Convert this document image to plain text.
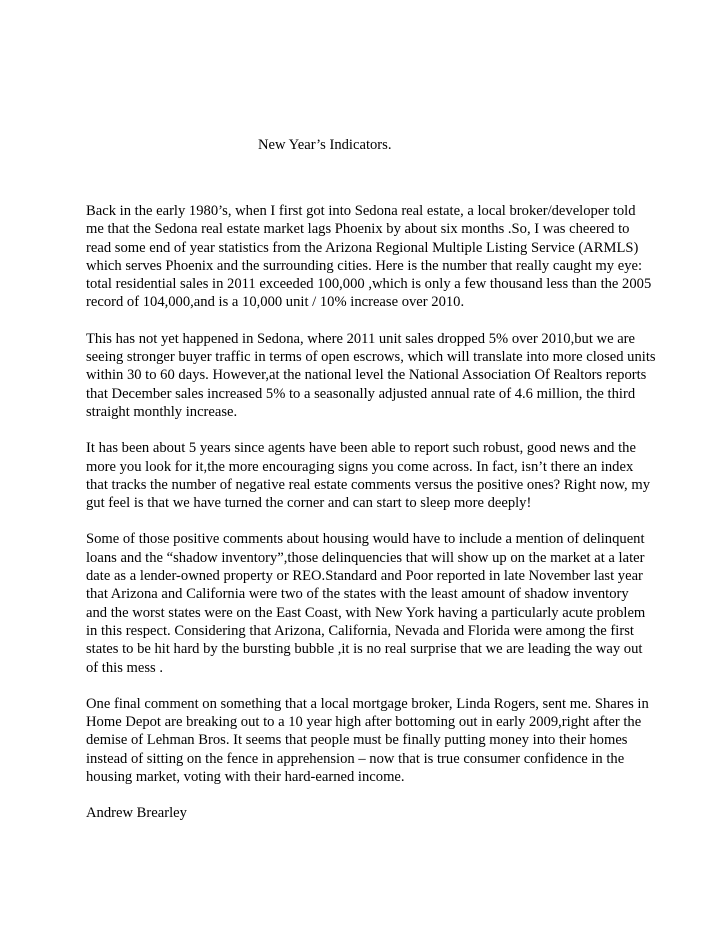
New Year’s Indicators.

Back in the early 1980’s, when I first got into Sedona real estate, a local broker/developer told
me that the Sedona real estate market lags Phoenix by about six months .So, I was cheered to
read some end of year statistics from the Arizona Regional Multiple Listing Service (ARMLS)
which serves Phoenix and the surrounding cities. Here is the number that really caught my eye:
total residential sales in 2011 exceeded 100,000 ,which is only a few thousand less than the 2005
record of 104,000,and is a 10,000 unit / 10% increase over 2010.

This has not yet happened in Sedona, where 2011 unit sales dropped 5% over 2010,but we are
seeing stronger buyer traffic in terms of open escrows, which will translate into more closed units
within 30 to 60 days. However,at the national level the National Association Of Realtors reports
that December sales increased 5% to a seasonally adjusted annual rate of 4.6 million, the third
straight monthly increase.

It has been about 5 years since agents have been able to report such robust, good news and the
more you look for it,the more encouraging signs you come across. In fact, isn’t there an index
that tracks the number of negative real estate comments versus the positive ones? Right now, my
gut feel is that we have turned the corner and can start to sleep more deeply!

Some of those positive comments about housing would have to include a mention of delinquent
loans and the “shadow inventory”,those delinquencies that will show up on the market at a later
date as a lender-owned property or REO.Standard and Poor reported in late November last year
that Arizona and California were two of the states with the least amount of shadow inventory
and the worst states were on the East Coast, with New York having a particularly acute problem
in this respect. Considering that Arizona, California, Nevada and Florida were among the first
states to be hit hard by the bursting bubble ,it is no real surprise that we are leading the way out
of this mess .

One final comment on something that a local mortgage broker, Linda Rogers, sent me. Shares in
Home Depot are breaking out to a 10 year high after bottoming out in early 2009,right after the
demise of Lehman Bros. It seems that people must be finally putting money into their homes
instead of sitting on the fence in apprehension – now that is true consumer confidence in the
housing market, voting with their hard-earned income.

Andrew Brearley
